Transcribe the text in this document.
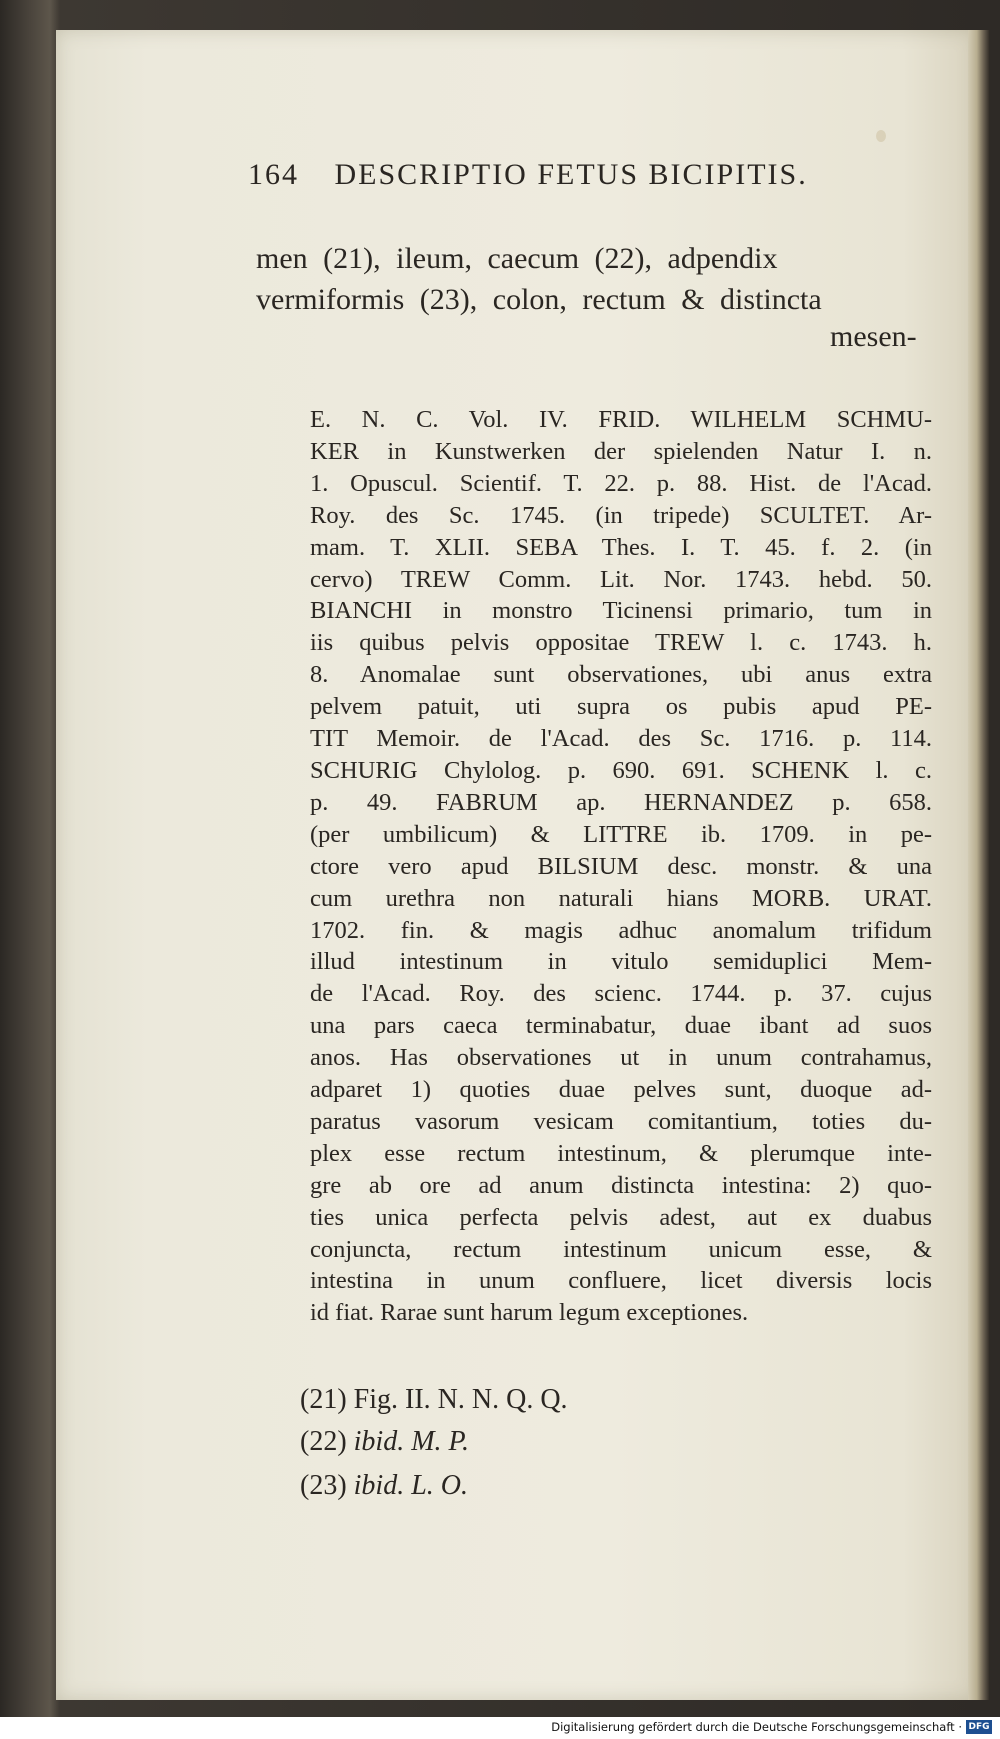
164 DESCRIPTIO FETUS BICIPITIS.
men (21), ileum, caecum (22), adpendix
vermiformis (23), colon, rectum & distincta
mesen-
E. N. C. Vol. IV. FRID. WILHELM SCHMU-
KER in Kunstwerken der spielenden Natur I. n.
1. Opuscul. Scientif. T. 22. p. 88. Hist. de l'Acad.
Roy. des Sc. 1745. (in tripede) SCULTET. Ar-
mam. T. XLII. SEBA Thes. I. T. 45. f. 2. (in
cervo) TREW Comm. Lit. Nor. 1743. hebd. 50.
BIANCHI in monstro Ticinensi primario, tum in
iis quibus pelvis oppositae TREW l. c. 1743. h.
8. Anomalae sunt observationes, ubi anus extra
pelvem patuit, uti supra os pubis apud PE-
TIT Memoir. de l'Acad. des Sc. 1716. p. 114.
SCHURIG Chylolog. p. 690. 691. SCHENK l. c.
p. 49. FABRUM ap. HERNANDEZ p. 658.
(per umbilicum) & LITTRE ib. 1709. in pe-
ctore vero apud BILSIUM desc. monstr. & una
cum urethra non naturali hians MORB. URAT.
1702. fin. & magis adhuc anomalum trifidum
illud intestinum in vitulo semiduplici Mem-
de l'Acad. Roy. des scienc. 1744. p. 37. cujus
una pars caeca terminabatur, duae ibant ad suos
anos. Has observationes ut in unum contrahamus,
adparet 1) quoties duae pelves sunt, duoque ad-
paratus vasorum vesicam comitantium, toties du-
plex esse rectum intestinum, & plerumque inte-
gre ab ore ad anum distincta intestina: 2) quo-
ties unica perfecta pelvis adest, aut ex duabus
conjuncta, rectum intestinum unicum esse, &
intestina in unum confluere, licet diversis locis
id fiat. Rarae sunt harum legum exceptiones.
(21) Fig. II. N. N. Q. Q.
(22) ibid. M. P.
(23) ibid. L. O.
Digitalisierung gefördert durch die Deutsche Forschungsgemeinschaft · DFG
